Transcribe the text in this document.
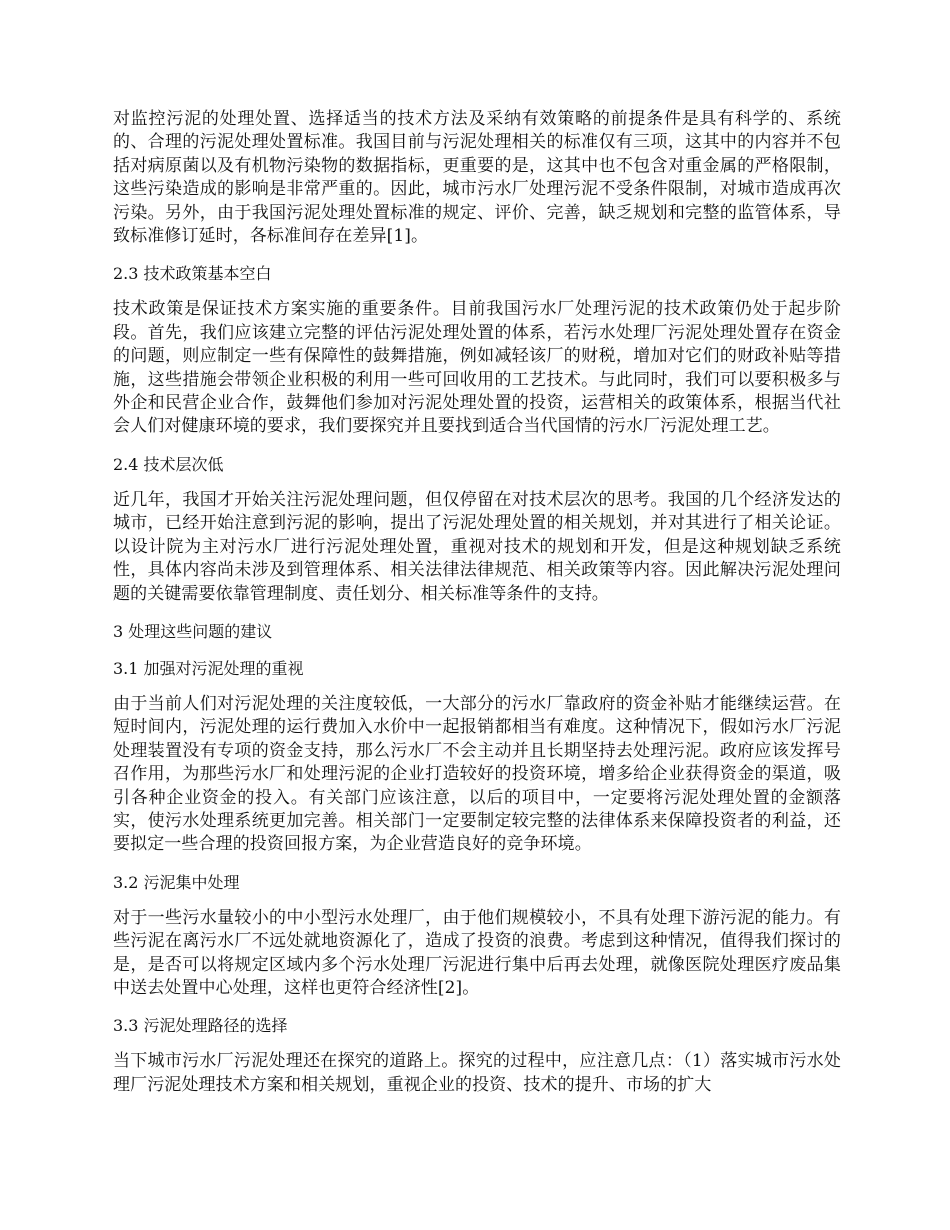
对监控污泥的处理处置、选择适当的技术方法及采纳有效策略的前提条件是具有科学的、系统的、合理的污泥处理处置标准。我国目前与污泥处理相关的标准仅有三项，这其中的内容并不包括对病原菌以及有机物污染物的数据指标，更重要的是，这其中也不包含对重金属的严格限制，这些污染造成的影响是非常严重的。因此，城市污水厂处理污泥不受条件限制，对城市造成再次污染。另外，由于我国污泥处理处置标准的规定、评价、完善，缺乏规划和完整的监管体系，导致标准修订延时，各标准间存在差异[1]。

2.3 技术政策基本空白

技术政策是保证技术方案实施的重要条件。目前我国污水厂处理污泥的技术政策仍处于起步阶段。首先，我们应该建立完整的评估污泥处理处置的体系，若污水处理厂污泥处理处置存在资金的问题，则应制定一些有保障性的鼓舞措施，例如减轻该厂的财税，增加对它们的财政补贴等措施，这些措施会带领企业积极的利用一些可回收用的工艺技术。与此同时，我们可以要积极多与外企和民营企业合作，鼓舞他们参加对污泥处理处置的投资，运营相关的政策体系，根据当代社会人们对健康环境的要求，我们要探究并且要找到适合当代国情的污水厂污泥处理工艺。

2.4 技术层次低

近几年，我国才开始关注污泥处理问题，但仅停留在对技术层次的思考。我国的几个经济发达的城市，已经开始注意到污泥的影响，提出了污泥处理处置的相关规划，并对其进行了相关论证。以设计院为主对污水厂进行污泥处理处置，重视对技术的规划和开发，但是这种规划缺乏系统性，具体内容尚未涉及到管理体系、相关法律法律规范、相关政策等内容。因此解决污泥处理问题的关键需要依靠管理制度、责任划分、相关标准等条件的支持。

3 处理这些问题的建议

3.1 加强对污泥处理的重视

由于当前人们对污泥处理的关注度较低，一大部分的污水厂靠政府的资金补贴才能继续运营。在短时间内，污泥处理的运行费加入水价中一起报销都相当有难度。这种情况下，假如污水厂污泥处理装置没有专项的资金支持，那么污水厂不会主动并且长期坚持去处理污泥。政府应该发挥号召作用，为那些污水厂和处理污泥的企业打造较好的投资环境，增多给企业获得资金的渠道，吸引各种企业资金的投入。有关部门应该注意，以后的项目中，一定要将污泥处理处置的金额落实，使污水处理系统更加完善。相关部门一定要制定较完整的法律体系来保障投资者的利益，还要拟定一些合理的投资回报方案，为企业营造良好的竞争环境。

3.2 污泥集中处理

对于一些污水量较小的中小型污水处理厂，由于他们规模较小，不具有处理下游污泥的能力。有些污泥在离污水厂不远处就地资源化了，造成了投资的浪费。考虑到这种情况，值得我们探讨的是，是否可以将规定区域内多个污水处理厂污泥进行集中后再去处理，就像医院处理医疗废品集中送去处置中心处理，这样也更符合经济性[2]。

3.3 污泥处理路径的选择

当下城市污水厂污泥处理还在探究的道路上。探究的过程中，应注意几点：（1）落实城市污水处理厂污泥处理技术方案和相关规划，重视企业的投资、技术的提升、市场的扩大
